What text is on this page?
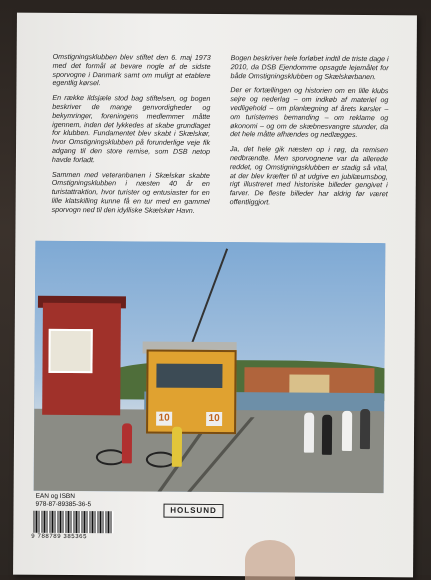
Omstigningsklubben blev stiftet den 6. maj 1973 med det formål at bevare nogle af de sidste sporvogne i Danmark samt om muligt at etablere egentlig kørsel.

En række ildsjæle stod bag stiftelsen, og bogen beskriver de mange genvordigheder og bekymringer, foreningens medlemmer måtte igennem, inden det lykkedes at skabe grundlaget for klubben. Fundamentet blev skabt i Skælskør, hvor Omstigningsklubben på forunderlige veje fik adgang til den store remise, som DSB netop havde forladt.

Sammen med veteranbanen i Skælskør skabte Omstigningsklubben i næsten 40 år en turistattraktion, hvor turister og entusiaster for en lille klatskilling kunne få en tur med en gammel sporvogn ned til den idylliske Skælskør Havn.

Bogen beskriver hele forløbet indtil de triste dage i 2010, da DSB Ejendomme opsagde lejemålet for både Omstigningsklubben og Skælskørbanen.

Der er fortællingen og historien om en lille klubs sejre og nederlag – om indkøb af materiel og vedligehold – om planlægning af årets kørsler – om turistemes bemanding – om reklame og økonomi – og om de skæbnesvangre stunder, da det hele måtte afhændes og nedlægges.

Ja, det hele gik næsten op i røg, da remisen nedbrændte. Men sporvognene var da allerede reddet, og Omstigningsklubben er stadig så vital, at der blev kræfter til at udgive en jubilæumsbog, rigt illustreret med historiske billeder gengivet i farver. De fleste billeder har aldrig før været offentliggjort.

10	10
EAN og ISBN
978-87-89385-36-5
9 788789 385365
HOLSUND
